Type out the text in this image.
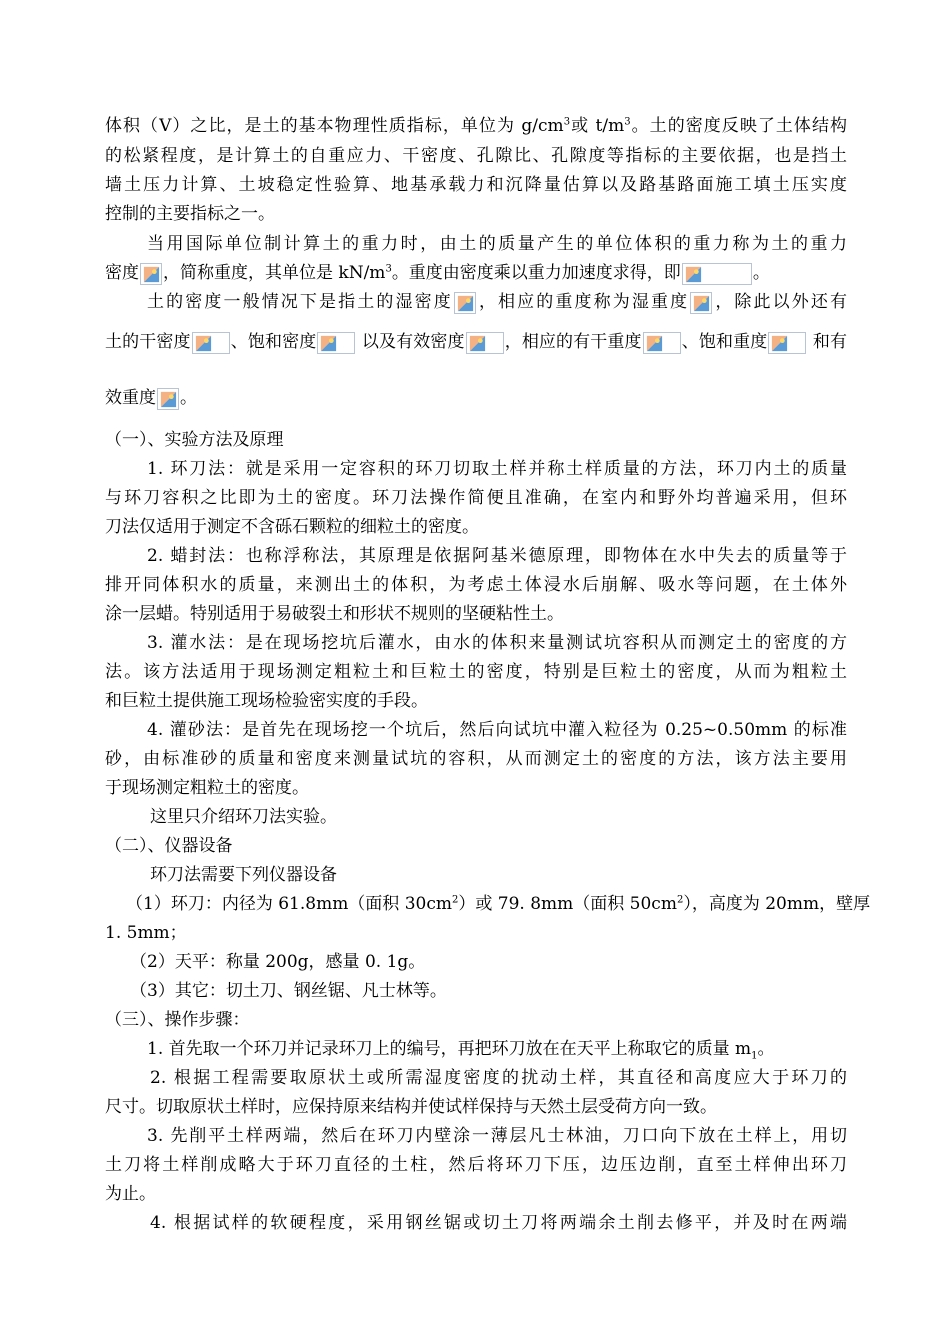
体积（V）之比，是土的基本物理性质指标，单位为 $g/cm^3$或 $t/m^3$。土的密度反映了土体结构
的松紧程度，是计算土的自重应力、干密度、孔隙比、孔隙度等指标的主要依据，也是挡土
墙土压力计算、土坡稳定性验算、地基承载力和沉降量估算以及路基路面施工填土压实度
控制的主要指标之一。
当用国际单位制计算土的重力时，由土的质量产生的单位体积的重力称为土的重力
密度 ，简称重度，其单位是 $kN/m^3$。重度由密度乘以重力加速度求得，即	。
土的密度一般情况下是指土的湿密度 ，相应的重度称为湿重度 ，除此以外还有
土的干密度 、饱和密度
以及有效密度 ，相应的有干重度 、饱和重度
和有
效重度 。
（一）、实验方法及原理
1. 环刀法：就是采用一定容积的环刀切取土样并称土样质量的方法，环刀内土的质量
与环刀容积之比即为土的密度。环刀法操作简便且准确，在室内和野外均普遍采用，但环
刀法仅适用于测定不含砾石颗粒的细粒土的密度。
2. 蜡封法：也称浮称法，其原理是依据阿基米德原理，即物体在水中失去的质量等于
排开同体积水的质量，来测出土的体积，为考虑土体浸水后崩解、吸水等问题，在土体外
涂一层蜡。特别适用于易破裂土和形状不规则的坚硬粘性土。
3. 灌水法：是在现场挖坑后灌水，由水的体积来量测试坑容积从而测定土的密度的方
法。该方法适用于现场测定粗粒土和巨粒土的密度，特别是巨粒土的密度，从而为粗粒土
和巨粒土提供施工现场检验密实度的手段。
4. 灌砂法：是首先在现场挖一个坑后，然后向试坑中灌入粒径为 0.25~0.50mm 的标准
砂，由标准砂的质量和密度来测量试坑的容积，从而测定土的密度的方法，该方法主要用
于现场测定粗粒土的密度。
这里只介绍环刀法实验。
（二）、仪器设备
环刀法需要下列仪器设备
（1）环刀：内径为 61.8mm（面积 $30cm^2$）或 79. 8mm（面积 $50cm^2$），高度为 20mm，壁厚
1. 5mm；
（2）天平：称量 200g，感量 0. 1g。
（3）其它：切土刀、钢丝锯、凡士林等。
（三）、操作步骤：
1. 首先取一个环刀并记录环刀上的编号，再把环刀放在在天平上称取它的质量 $m_1$。
2. 根据工程需要取原状土或所需湿度密度的扰动土样，其直径和高度应大于环刀的
尺寸。切取原状土样时，应保持原来结构并使试样保持与天然土层受荷方向一致。
3. 先削平土样两端，然后在环刀内壁涂一薄层凡士林油，刀口向下放在土样上，用切
土刀将土样削成略大于环刀直径的土柱，然后将环刀下压，边压边削，直至土样伸出环刀
为止。
4. 根据试样的软硬程度，采用钢丝锯或切土刀将两端余土削去修平，并及时在两端
